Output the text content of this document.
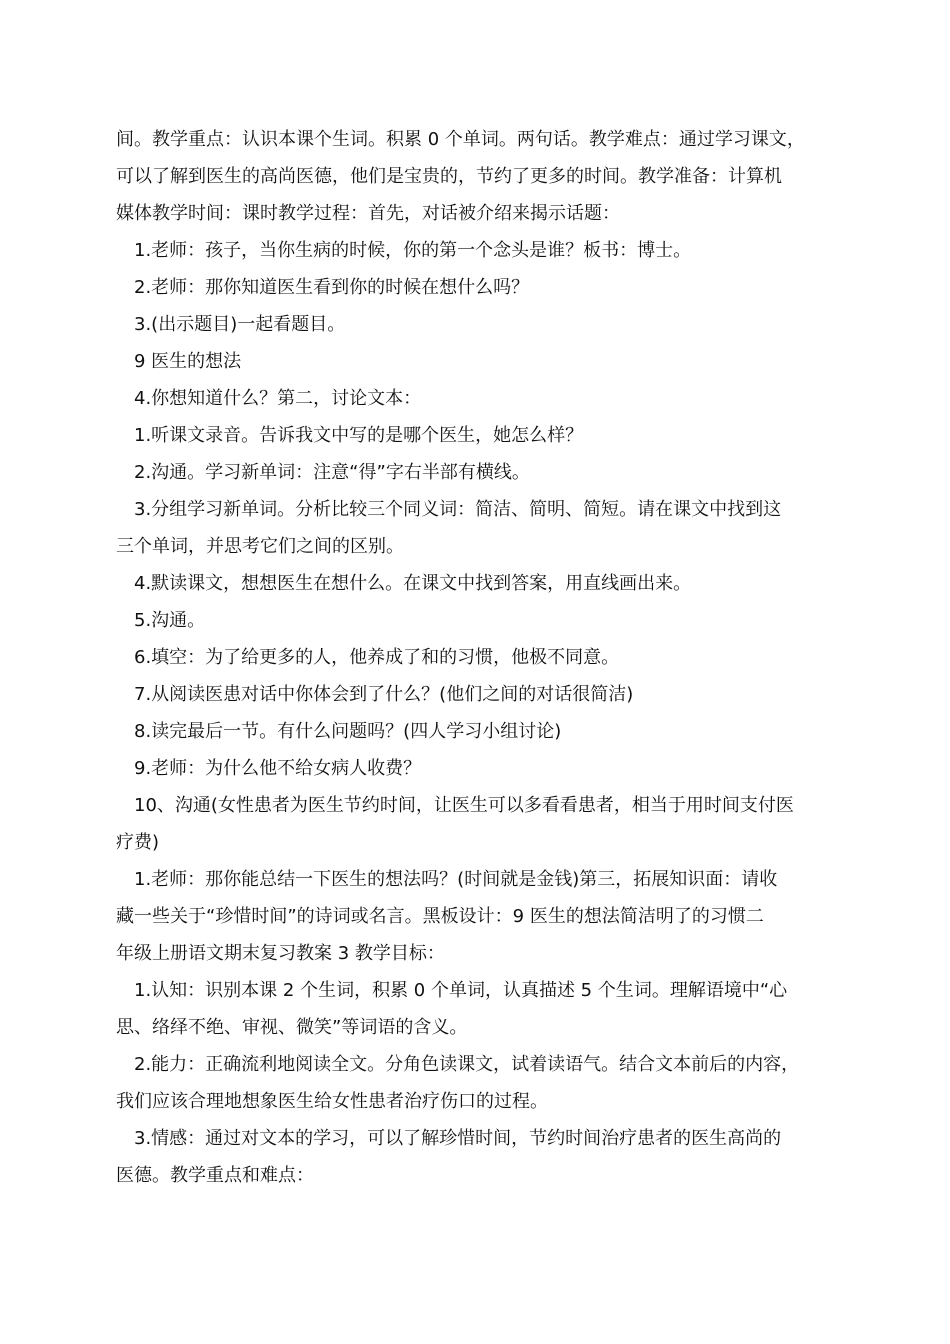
间。教学重点：认识本课个生词。积累 0 个单词。两句话。教学难点：通过学习课文，
可以了解到医生的高尚医德，他们是宝贵的，节约了更多的时间。教学准备：计算机
媒体教学时间：课时教学过程：首先，对话被介绍来揭示话题：
1.老师：孩子，当你生病的时候，你的第一个念头是谁？板书：博士。
2.老师：那你知道医生看到你的时候在想什么吗？
3.(出示题目)一起看题目。
9 医生的想法
4.你想知道什么？第二，讨论文本：
1.听课文录音。告诉我文中写的是哪个医生，她怎么样？
2.沟通。学习新单词：注意“得”字右半部有横线。
3.分组学习新单词。分析比较三个同义词：简洁、简明、简短。请在课文中找到这
三个单词，并思考它们之间的区别。
4.默读课文，想想医生在想什么。在课文中找到答案，用直线画出来。
5.沟通。
6.填空：为了给更多的人，他养成了和的习惯，他极不同意。
7.从阅读医患对话中你体会到了什么？(他们之间的对话很简洁)
8.读完最后一节。有什么问题吗？(四人学习小组讨论)
9.老师：为什么他不给女病人收费？
10、沟通(女性患者为医生节约时间，让医生可以多看看患者，相当于用时间支付医
疗费)
1.老师：那你能总结一下医生的想法吗？(时间就是金钱)第三，拓展知识面：请收
藏一些关于“珍惜时间”的诗词或名言。黑板设计：9 医生的想法简洁明了的习惯二
年级上册语文期末复习教案 3 教学目标：
1.认知：识别本课 2 个生词，积累 0 个单词，认真描述 5 个生词。理解语境中“心
思、络绎不绝、审视、微笑”等词语的含义。
2.能力：正确流利地阅读全文。分角色读课文，试着读语气。结合文本前后的内容，
我们应该合理地想象医生给女性患者治疗伤口的过程。
3.情感：通过对文本的学习，可以了解珍惜时间，节约时间治疗患者的医生高尚的
医德。教学重点和难点：
